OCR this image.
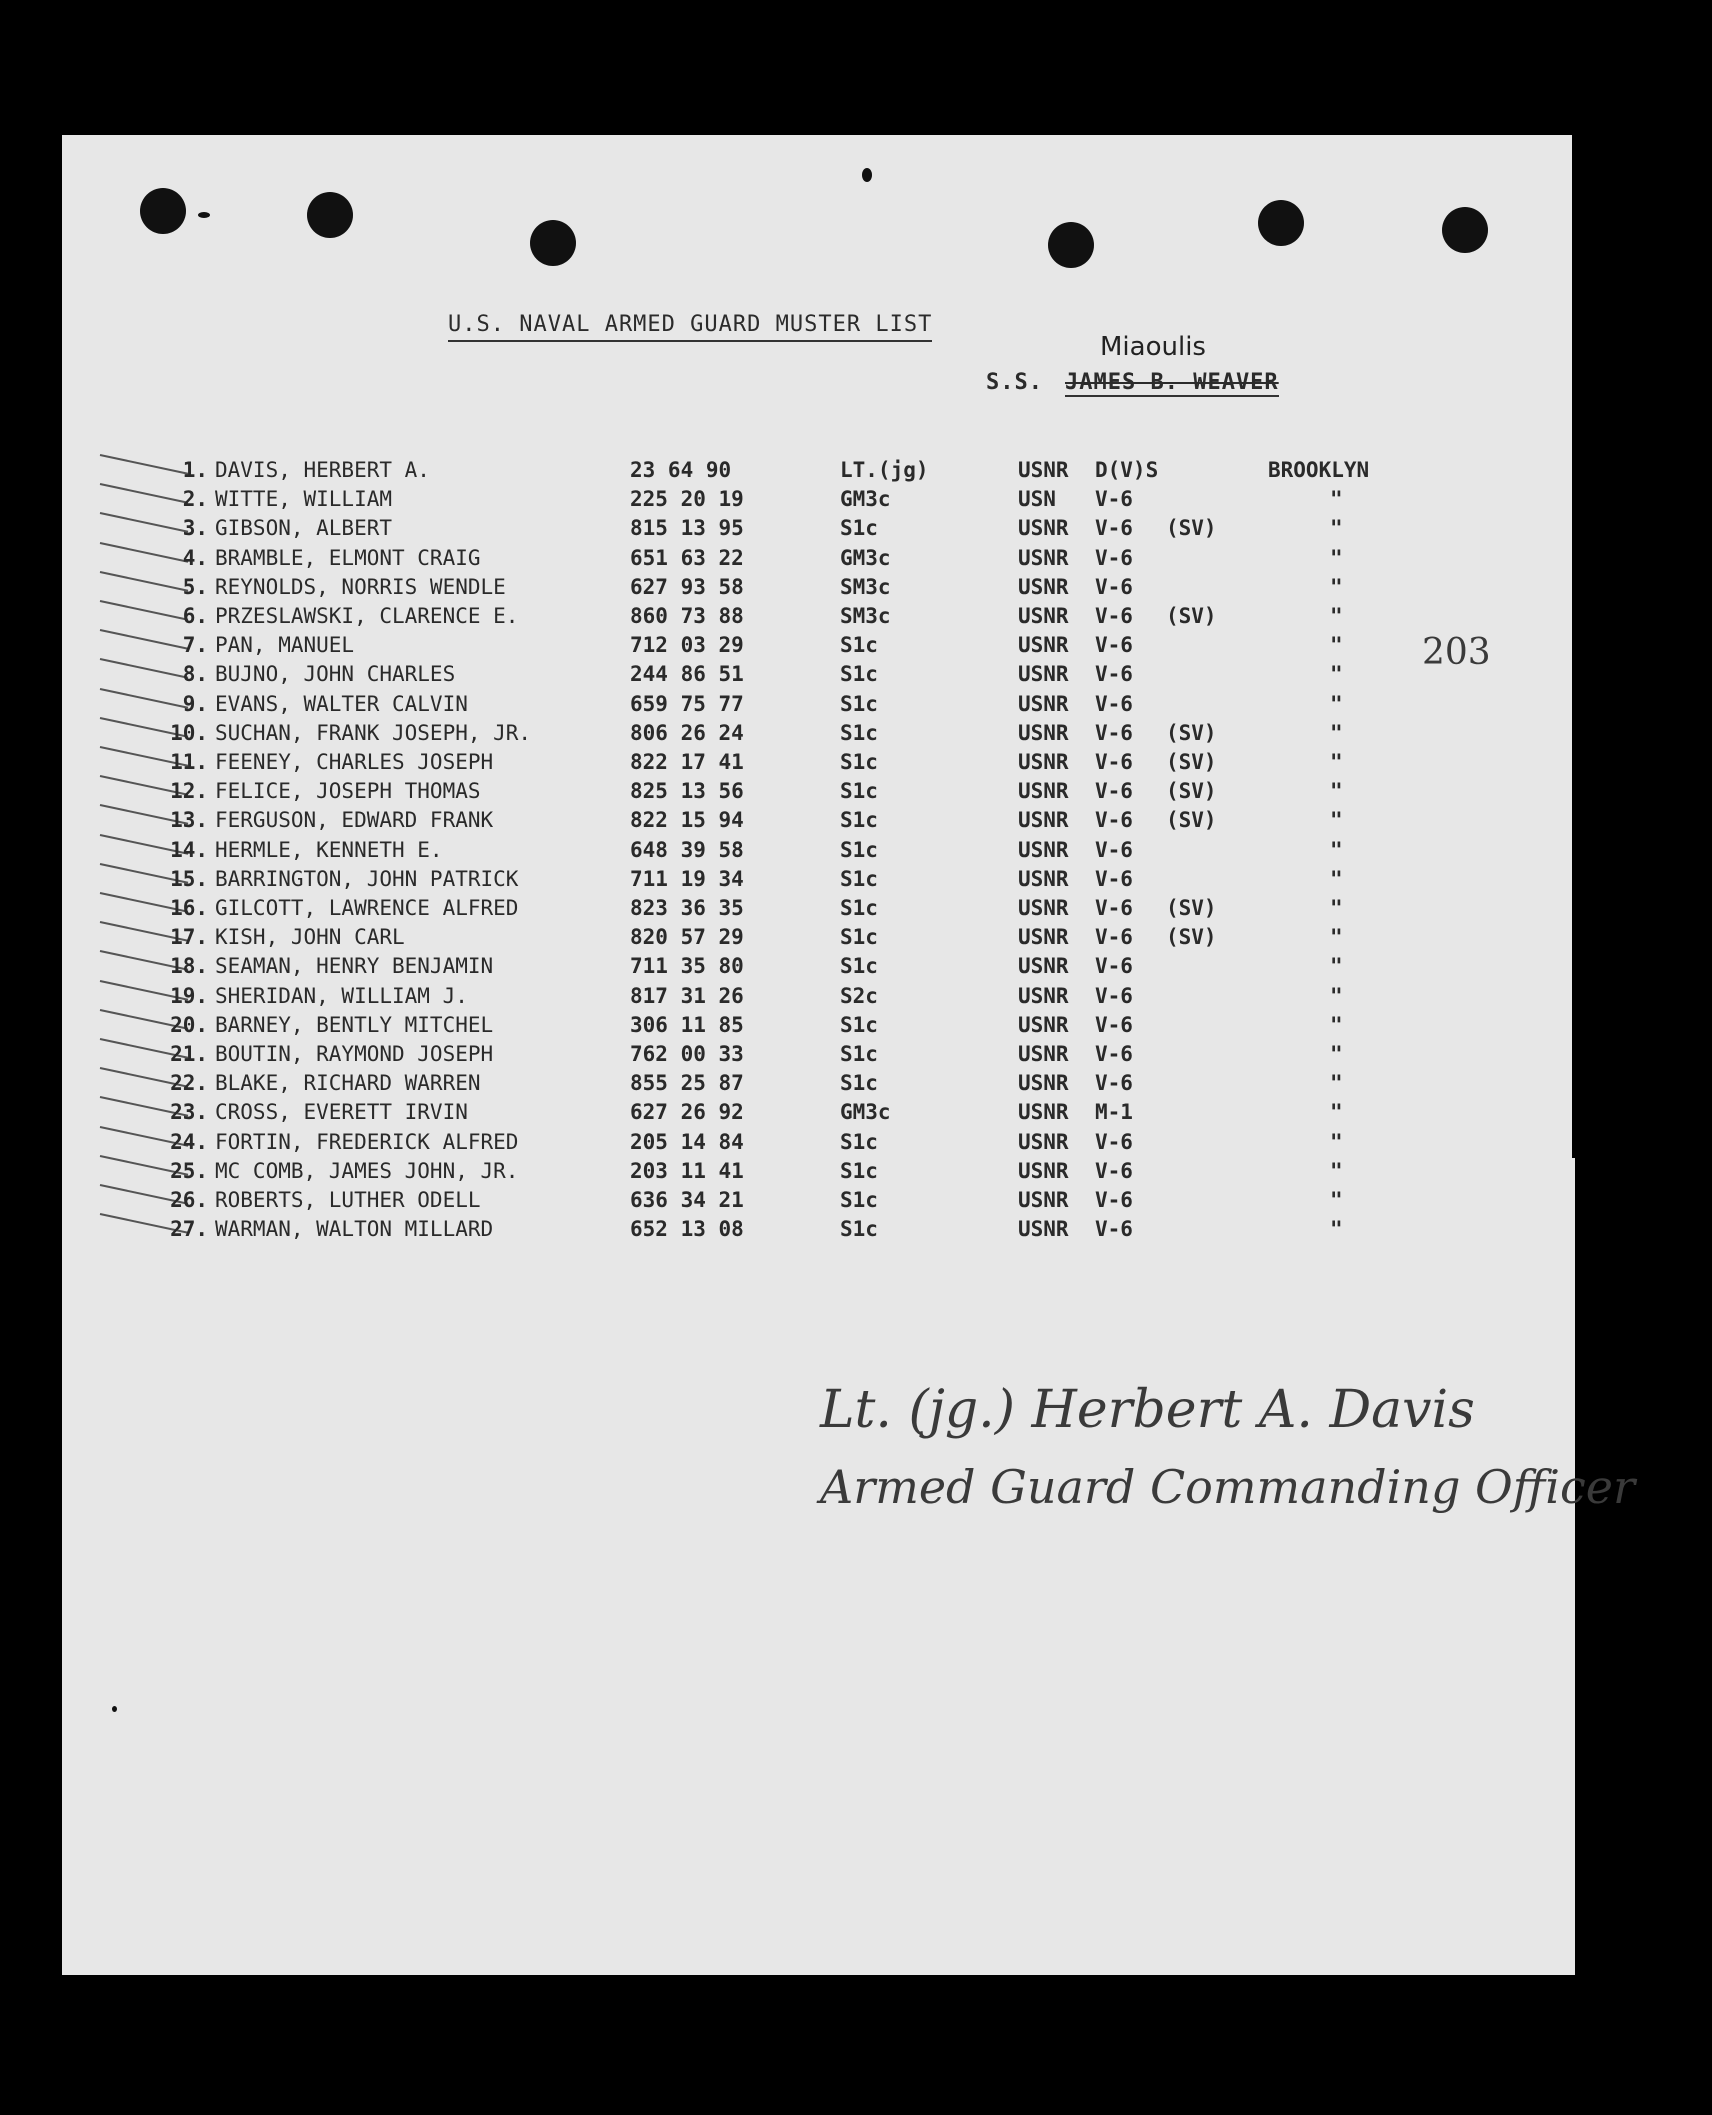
U.S. NAVAL ARMED GUARD MUSTER LIST
S.S. JAMES B. WEAVER
Miaoulis
203
1. DAVIS, HERBERT A.	23 64 90	LT.(jg)	USNR D(V)S	BROOKLYN
2. WITTE, WILLIAM	225 20 19	GM3c	USN V-6	"
3. GIBSON, ALBERT	815 13 95	S1c	USNR V-6 (SV)	"
4. BRAMBLE, ELMONT CRAIG	651 63 22	GM3c	USNR V-6	"
5. REYNOLDS, NORRIS WENDLE	627 93 58	SM3c	USNR V-6	"
6. PRZESLAWSKI, CLARENCE E.	860 73 88	SM3c	USNR V-6 (SV)	"
7. PAN, MANUEL	712 03 29	S1c	USNR V-6	"
8. BUJNO, JOHN CHARLES	244 86 51	S1c	USNR V-6	"
9. EVANS, WALTER CALVIN	659 75 77	S1c	USNR V-6	"
10. SUCHAN, FRANK JOSEPH, JR.	806 26 24	S1c	USNR V-6 (SV)	"
11. FEENEY, CHARLES JOSEPH	822 17 41	S1c	USNR V-6 (SV)	"
12. FELICE, JOSEPH THOMAS	825 13 56	S1c	USNR V-6 (SV)	"
13. FERGUSON, EDWARD FRANK	822 15 94	S1c	USNR V-6 (SV)	"
14. HERMLE, KENNETH E.	648 39 58	S1c	USNR V-6	"
15. BARRINGTON, JOHN PATRICK	711 19 34	S1c	USNR V-6	"
16. GILCOTT, LAWRENCE ALFRED	823 36 35	S1c	USNR V-6 (SV)	"
17. KISH, JOHN CARL	820 57 29	S1c	USNR V-6 (SV)	"
18. SEAMAN, HENRY BENJAMIN	711 35 80	S1c	USNR V-6	"
19. SHERIDAN, WILLIAM J.	817 31 26	S2c	USNR V-6	"
20. BARNEY, BENTLY MITCHEL	306 11 85	S1c	USNR V-6	"
21. BOUTIN, RAYMOND JOSEPH	762 00 33	S1c	USNR V-6	"
22. BLAKE, RICHARD WARREN	855 25 87	S1c	USNR V-6	"
23. CROSS, EVERETT IRVIN	627 26 92	GM3c	USNR M-1	"
24. FORTIN, FREDERICK ALFRED	205 14 84	S1c	USNR V-6	"
25. MC COMB, JAMES JOHN, JR.	203 11 41	S1c	USNR V-6	"
26. ROBERTS, LUTHER ODELL	636 34 21	S1c	USNR V-6	"
27. WARMAN, WALTON MILLARD	652 13 08	S1c	USNR V-6	"
Lt. (jg.) Herbert A. Davis
Armed Guard Commanding Officer
